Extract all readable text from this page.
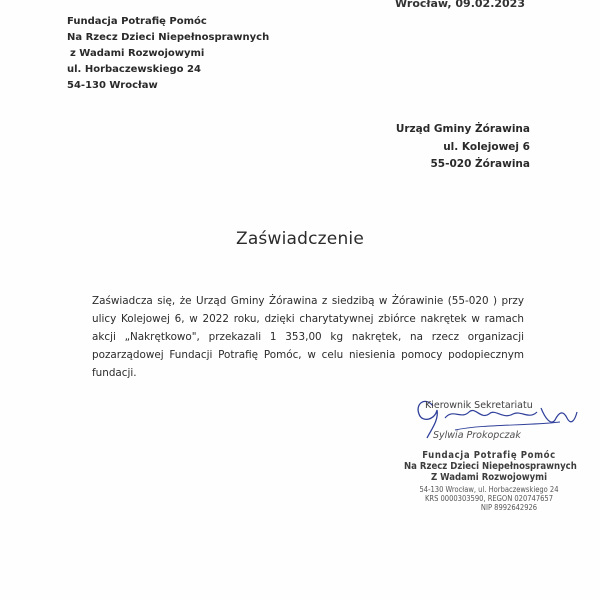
Wrocław, 09.02.2023
Fundacja Potrafię Pomóc
Na Rzecz Dzieci Niepełnosprawnych
z Wadami Rozwojowymi
ul. Horbaczewskiego 24
54-130 Wrocław
Urząd Gminy Żórawina
ul. Kolejowej 6
55-020 Żórawina
Zaświadczenie
Zaświadcza się, że Urząd Gminy Żórawina z siedzibą w Żórawinie (55-020 ) przy ulicy Kolejowej 6, w 2022 roku, dzięki charytatywnej zbiórce nakrętek w ramach akcji „Nakrętkowo", przekazali 1 353,00 kg nakrętek, na rzecz organizacji pozarządowej Fundacji Potrafię Pomóc, w celu niesienia pomocy podopiecznym fundacji.
Kierownik Sekretariatu
Sylwia Prokopczak
Fundacja Potrafię Pomóc
Na Rzecz Dzieci Niepełnosprawnych
Z Wadami Rozwojowymi
54-130 Wrocław, ul. Horbaczewskiego 24
KRS 0000303590, REGON 020747657
NIP 8992642926
